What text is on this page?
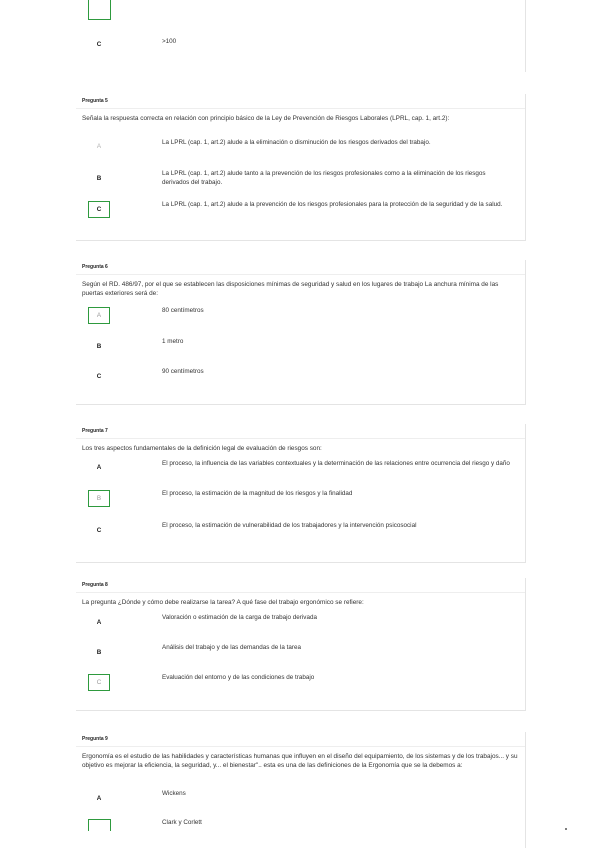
C	>100
Pregunta 5
Señala la respuesta correcta en relación con principio básico de la Ley de Prevención de Riesgos Laborales (LPRL, cap. 1, art.2):
A
La LPRL (cap. 1, art.2) alude a la eliminación o disminución de los riesgos derivados del trabajo.
B
La LPRL (cap. 1, art.2) alude tanto a la prevención de los riesgos profesionales como a la eliminación de los riesgos derivados del trabajo.
C
La LPRL (cap. 1, art.2) alude a la prevención de los riesgos profesionales para la protección de la seguridad y de la salud.
Pregunta 6
Según el RD. 486/97, por el que se establecen las disposiciones mínimas de seguridad y salud en los lugares de trabajo La anchura mínima de las puertas exteriores será de:
A
80 centímetros
B
1 metro
C
90 centímetros
Pregunta 7
Los tres aspectos fundamentales de la definición legal de evaluación de riesgos son:
A
El proceso, la influencia de las variables contextuales y la determinación de las relaciones entre ocurrencia del riesgo y daño
B
El proceso, la estimación de la magnitud de los riesgos y la finalidad
C
El proceso, la estimación de vulnerabilidad de los trabajadores y la intervención psicosocial
Pregunta 8
La pregunta ¿Dónde y cómo debe realizarse la tarea? A qué fase del trabajo ergonómico se refiere:
A
Valoración o estimación de la carga de trabajo derivada
B
Análisis del trabajo y de las demandas de la tarea
C
Evaluación del entorno y de las condiciones de trabajo
Pregunta 9
Ergonomía es el estudio de las habilidades y características humanas que influyen en el diseño del equipamiento, de los sistemas y de los trabajos... y su objetivo es mejorar la eficiencia, la seguridad, y... el bienestar".. esta es una de las definiciones de la Ergonomía que se la debemos a:
A
Wickens
Clark y Corlett
